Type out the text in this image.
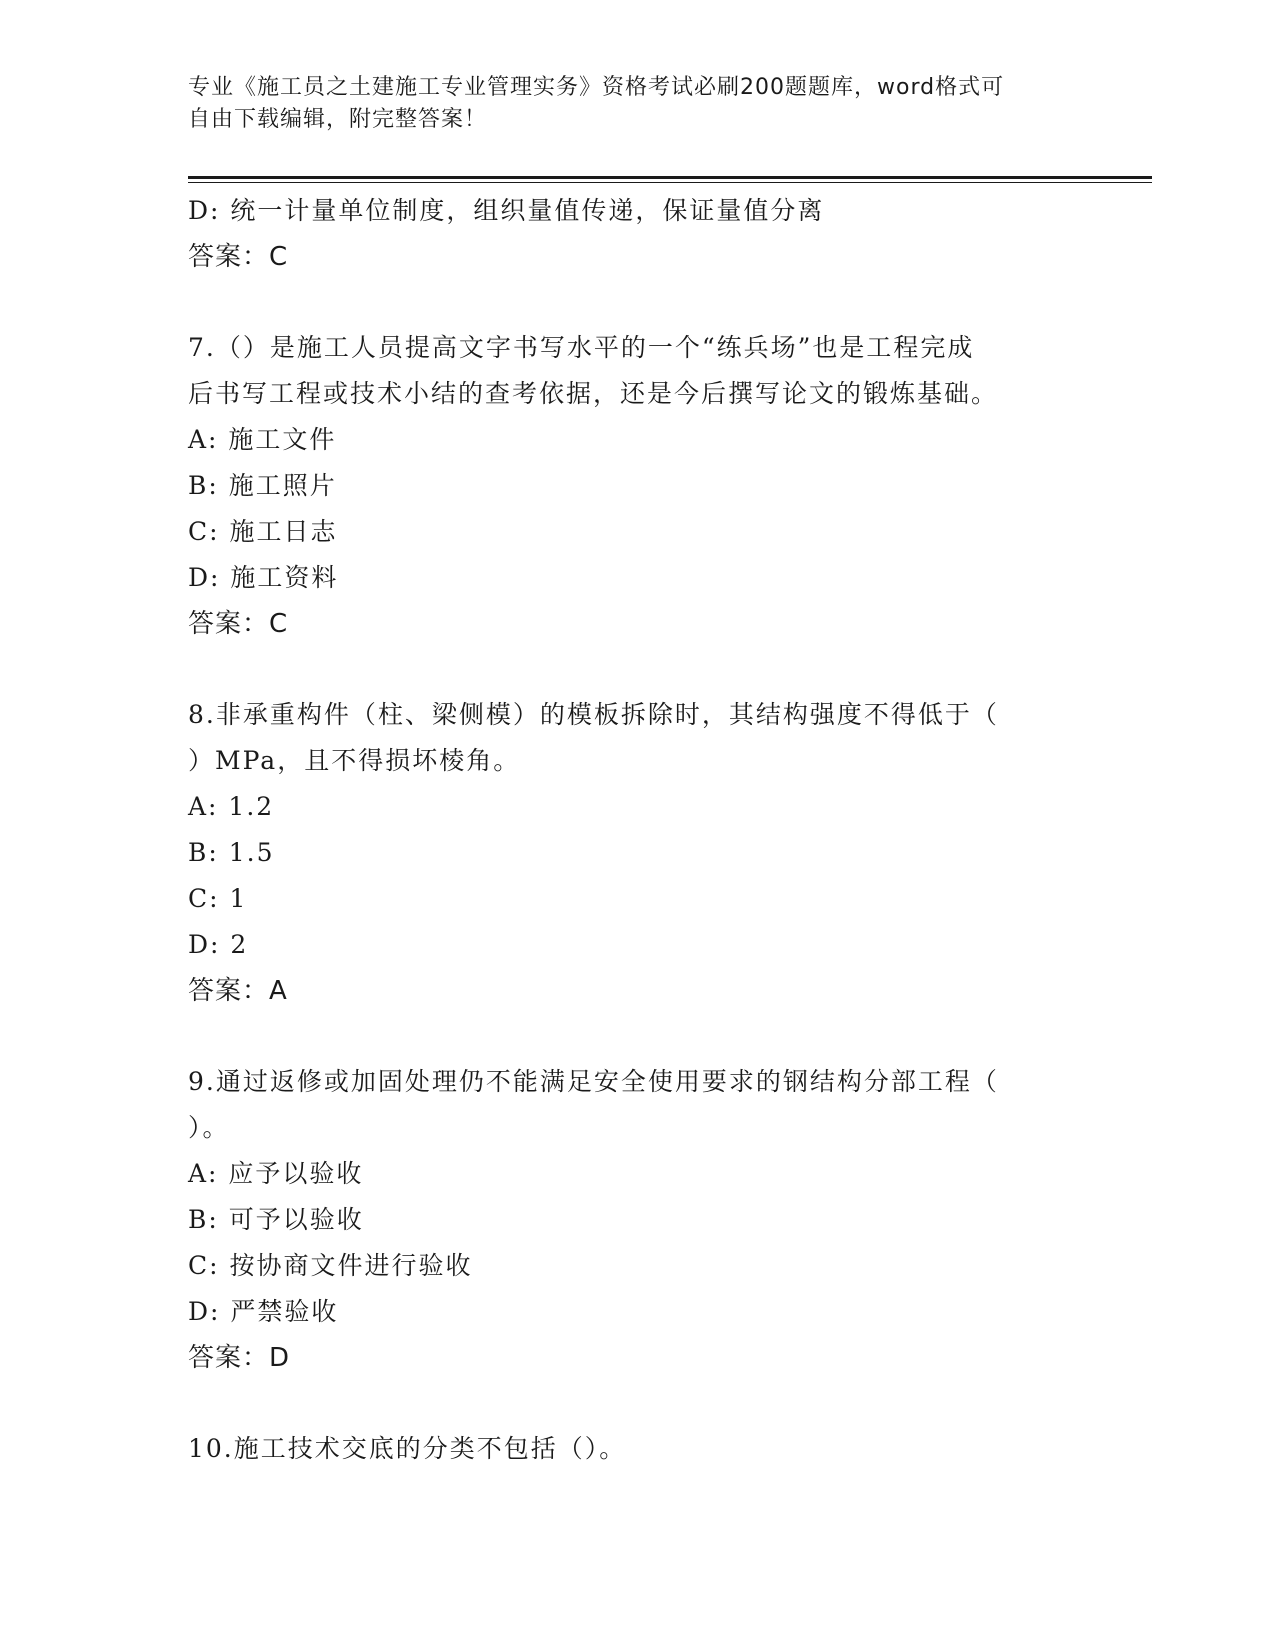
专业《施工员之土建施工专业管理实务》资格考试必刷200题题库，word格式可
自由下载编辑，附完整答案！
D: 统一计量单位制度，组织量值传递，保证量值分离
答案：C
7.（）是施工人员提高文字书写水平的一个“练兵场”也是工程完成
后书写工程或技术小结的查考依据，还是今后撰写论文的锻炼基础。
A: 施工文件
B: 施工照片
C: 施工日志
D: 施工资料
答案：C
8.非承重构件（柱、梁侧模）的模板拆除时，其结构强度不得低于（
）MPa，且不得损坏棱角。
A: 1.2
B: 1.5
C: 1
D: 2
答案：A
9.通过返修或加固处理仍不能满足安全使用要求的钢结构分部工程（
）。
A: 应予以验收
B: 可予以验收
C: 按协商文件进行验收
D: 严禁验收
答案：D
10.施工技术交底的分类不包括（）。
